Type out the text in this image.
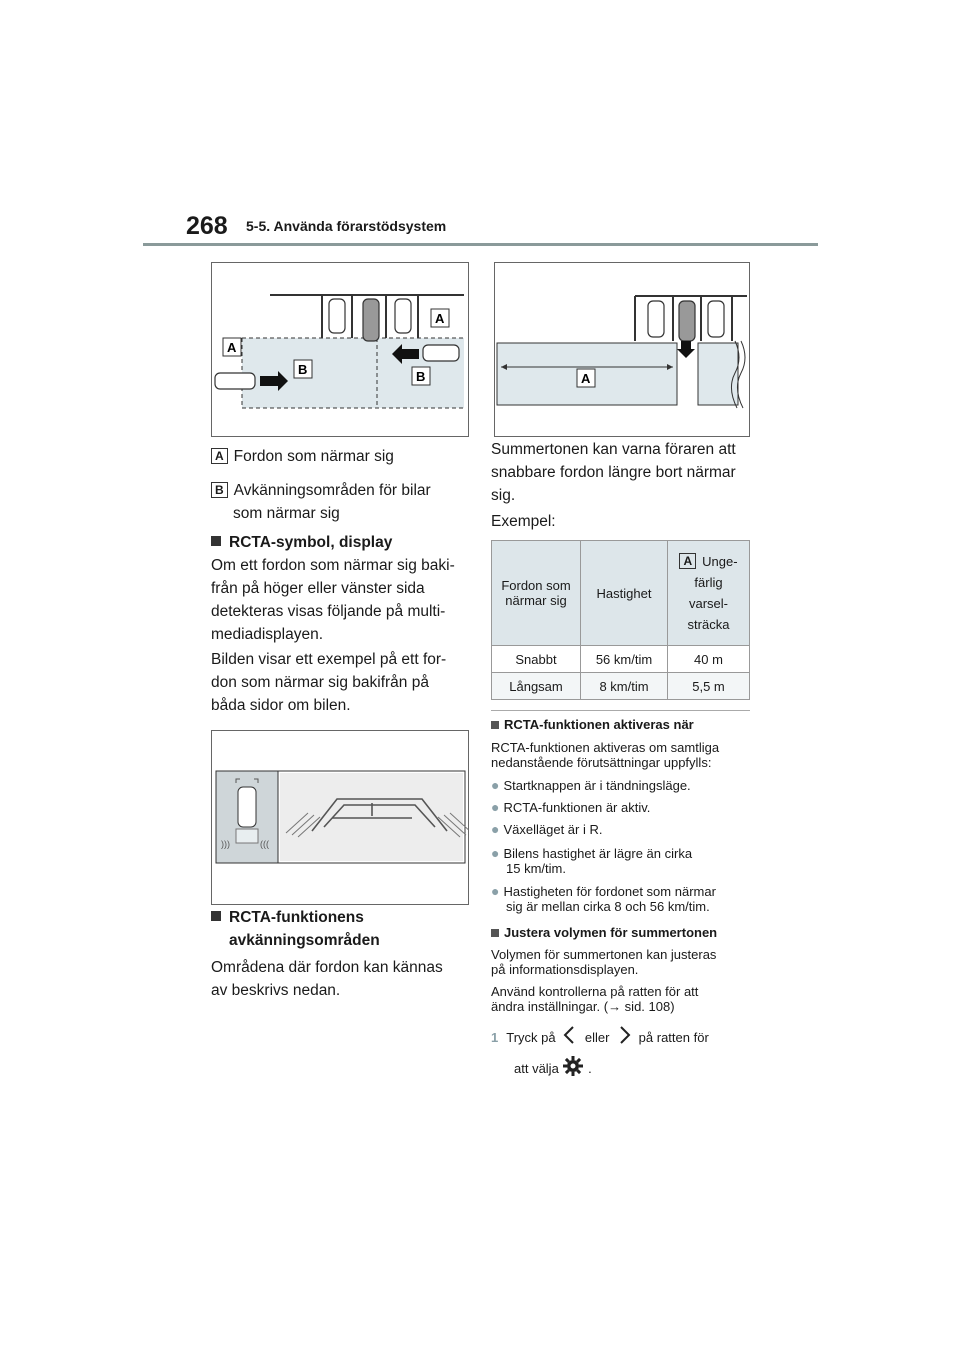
268 5-5. Använda förarstödsystem
A
A
B	B	A
A Fordon som närmar sig
B Avkänningsområden för bilar
som närmar sig
RCTA-symbol, display
Om ett fordon som närmar sig baki-
från på höger eller vänster sida
detekteras visas följande på multi-
mediadisplayen.
Bilden visar ett exempel på ett for-
don som närmar sig bakifrån på
båda sidor om bilen.
)))	(((
RCTA-funktionens
avkänningsområden
Områdena där fordon kan kännas
av beskrivs nedan.
Summertonen kan varna föraren att
snabbare fordon längre bort närmar
sig.
Exempel:
Fordon som närmar sig	Hastighet	A Unge-
färlig
varsel-
sträcka

Snabbt	56 km/tim	40 m
Långsam	8 km/tim	5,5 m
RCTA-funktionen aktiveras när
RCTA-funktionen aktiveras om samtliga
nedanstående förutsättningar uppfylls:
● Startknappen är i tändningsläge.
● RCTA-funktionen är aktiv.
● Växelläget är i R.
● Bilens hastighet är lägre än cirka
15 km/tim.
● Hastigheten för fordonet som närmar
sig är mellan cirka 8 och 56 km/tim.
Justera volymen för summertonen
Volymen för summertonen kan justeras
på informationsdisplayen.
Använd kontrollerna på ratten för att
ändra inställningar. (→ sid. 108)
1 Tryck på eller på ratten för
att välja .
